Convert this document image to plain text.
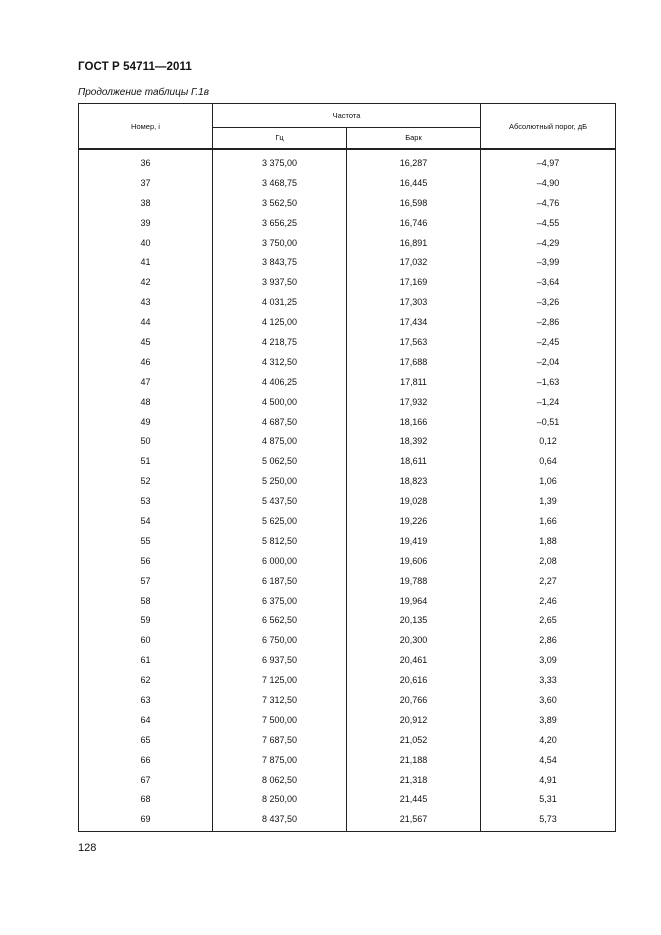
ГОСТ Р 54711—2011
Продолжение таблицы Г.1в
Номер, i	Частота		Абсолютный порог, дБ
	Гц	Барк	
36	3 375,00	16,287	–4,97
37	3 468,75	16,445	–4,90
38	3 562,50	16,598	–4,76
39	3 656,25	16,746	–4,55
40	3 750,00	16,891	–4,29
41	3 843,75	17,032	–3,99
42	3 937,50	17,169	–3,64
43	4 031,25	17,303	–3,26
44	4 125,00	17,434	–2,86
45	4 218,75	17,563	–2,45
46	4 312,50	17,688	–2,04
47	4 406,25	17,811	–1,63
48	4 500,00	17,932	–1,24
49	4 687,50	18,166	–0,51
50	4 875,00	18,392	0,12
51	5 062,50	18,611	0,64
52	5 250,00	18,823	1,06
53	5 437,50	19,028	1,39
54	5 625,00	19,226	1,66
55	5 812,50	19,419	1,88
56	6 000,00	19,606	2,08
57	6 187,50	19,788	2,27
58	6 375,00	19,964	2,46
59	6 562,50	20,135	2,65
60	6 750,00	20,300	2,86
61	6 937,50	20,461	3,09
62	7 125,00	20,616	3,33
63	7 312,50	20,766	3,60
64	7 500,00	20,912	3,89
65	7 687,50	21,052	4,20
66	7 875,00	21,188	4,54
67	8 062,50	21,318	4,91
68	8 250,00	21,445	5,31
69	8 437,50	21,567	5,73
128
